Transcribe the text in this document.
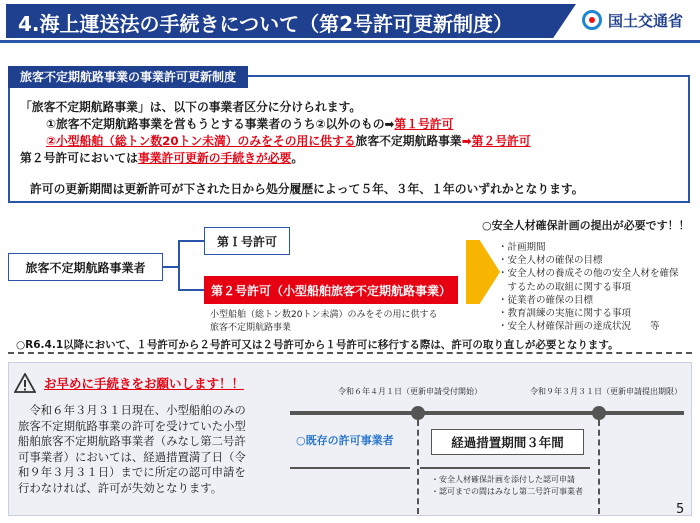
4.海上運送法の手続きについて（第2号許可更新制度）	国土交通省
旅客不定期航路事業の事業許可更新制度
「旅客不定期航路事業」は、以下の事業者区分に分けられます。
①旅客不定期航路事業を営もうとする事業者のうち②以外のもの➡第１号許可
②小型船舶（総トン数20トン未満）のみをその用に供する旅客不定期航路事業➡第２号許可
第２号許可においては事業許可更新の手続きが必要。
許可の更新期間は更新許可が下された日から処分履歴によって５年、３年、１年のいずれかとなります。
旅客不定期航路事業者
第Ｉ号許可
第２号許可（小型船舶旅客不定期航路事業）
小型船舶（総トン数20トン未満）のみをその用に供する
旅客不定期航路事業
○安全人材確保計画の提出が必要です！！
・計画期間
・安全人材の確保の目標
・安全人材の養成その他の安全人材を確保
　するための取組に関する事項
・従業者の確保の目標
・教育訓練の実施に関する事項
・安全人材確保計画の達成状況　　等
○R6.4.1以降において、１号許可から２号許可又は２号許可から１号許可に移行する際は、許可の取り直しが必要となります。
お早めに手続きをお願いします！！
　令和６年３月３１日現在、小型船舶のみの
旅客不定期航路事業の許可を受けていた小型
船舶旅客不定期航路事業者（みなし第二号許
可事業者）においては、経過措置満了日（令
和９年３月３１日）までに所定の認可申請を
行わなければ、許可が失効となります。
令和６年４月１日（更新申請受付開始）	令和９年３月３１日（更新申請提出期限）
○既存の許可事業者	経過措置期間３年間
・安全人材確保計画を添付した認可申請
・認可までの間はみなし第二号許可事業者
5
